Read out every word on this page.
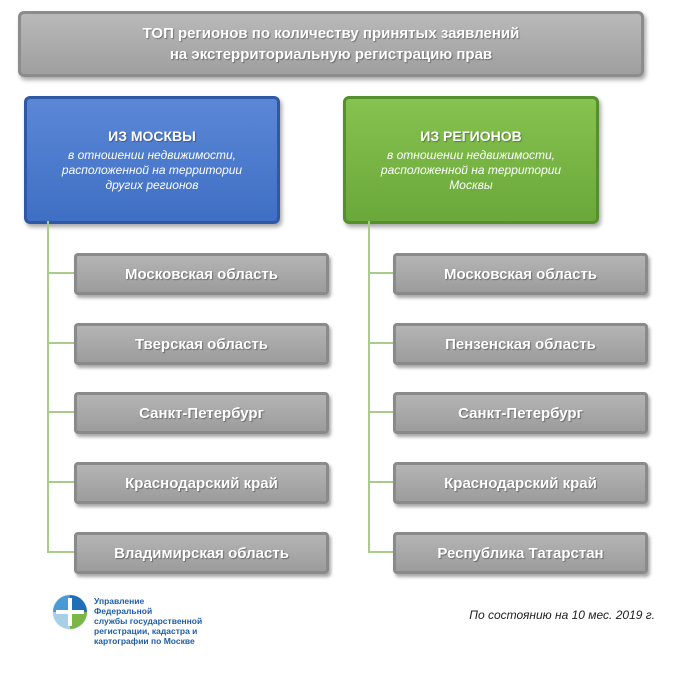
ТОП регионов по количеству принятых заявлений
на экстерриториальную регистрацию прав
ИЗ МОСКВЫ
в отношении недвижимости,
расположенной на территории
других регионов
Московская область
Тверская область
Санкт-Петербург
Краснодарский край
Владимирская область
ИЗ РЕГИОНОВ
в отношении недвижимости,
расположенной на территории
Москвы
Московская область
Пензенская область
Санкт-Петербург
Краснодарский край
Республика Татарстан
Управление Федеральной
службы государственной
регистрации, кадастра и
картографии по Москве
По состоянию на 10 мес. 2019 г.
